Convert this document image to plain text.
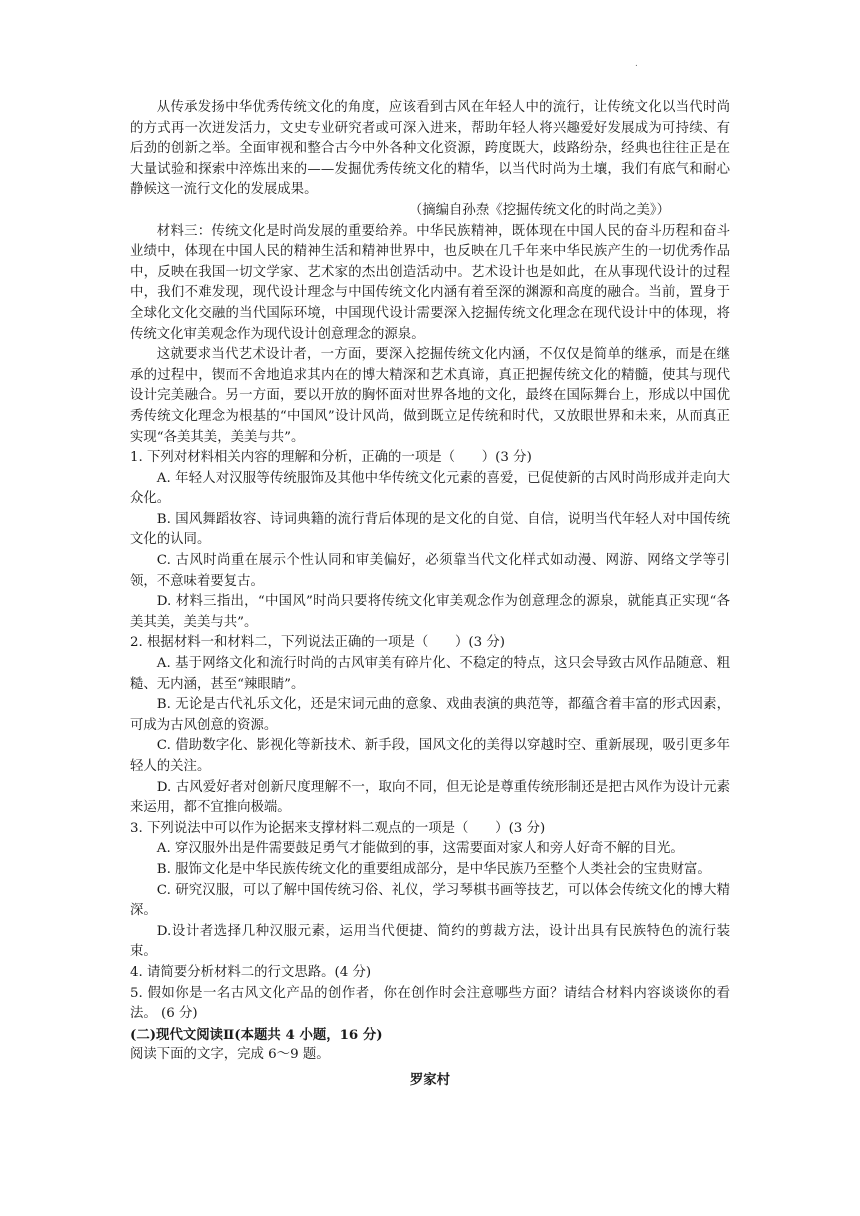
.

从传承发扬中华优秀传统文化的角度，应该看到古风在年轻人中的流行，让传统文化以当代时尚的方式再一次迸发活力，文史专业研究者或可深入进来，帮助年轻人将兴趣爱好发展成为可持续、有后劲的创新之举。全面审视和整合古今中外各种文化资源，跨度既大，歧路纷杂，经典也往往正是在大量试验和探索中淬炼出来的——发掘优秀传统文化的精华，以当代时尚为土壤，我们有底气和耐心静候这一流行文化的发展成果。

（摘编自孙焘《挖掘传统文化的时尚之美》）

材料三：传统文化是时尚发展的重要给养。中华民族精神，既体现在中国人民的奋斗历程和奋斗业绩中，体现在中国人民的精神生活和精神世界中，也反映在几千年来中华民族产生的一切优秀作品中，反映在我国一切文学家、艺术家的杰出创造活动中。艺术设计也是如此，在从事现代设计的过程中，我们不难发现，现代设计理念与中国传统文化内涵有着至深的渊源和高度的融合。当前，置身于全球化文化交融的当代国际环境，中国现代设计需要深入挖掘传统文化理念在现代设计中的体现，将传统文化审美观念作为现代设计创意理念的源泉。

这就要求当代艺术设计者，一方面，要深入挖掘传统文化内涵，不仅仅是简单的继承，而是在继承的过程中，锲而不舍地追求其内在的博大精深和艺术真谛，真正把握传统文化的精髓，使其与现代设计完美融合。另一方面，要以开放的胸怀面对世界各地的文化，最终在国际舞台上，形成以中国优秀传统文化理念为根基的“中国风”设计风尚，做到既立足传统和时代，又放眼世界和未来，从而真正实现“各美其美，美美与共”。

1. 下列对材料相关内容的理解和分析，正确的一项是（　　）(3 分)

A. 年轻人对汉服等传统服饰及其他中华传统文化元素的喜爱，已促使新的古风时尚形成并走向大众化。

B. 国风舞蹈妆容、诗词典籍的流行背后体现的是文化的自觉、自信，说明当代年轻人对中国传统文化的认同。

C. 古风时尚重在展示个性认同和审美偏好，必须靠当代文化样式如动漫、网游、网络文学等引领，不意味着要复古。

D. 材料三指出，“中国风”时尚只要将传统文化审美观念作为创意理念的源泉，就能真正实现“各美其美，美美与共”。

2. 根据材料一和材料二，下列说法正确的一项是（　　）(3 分)

A. 基于网络文化和流行时尚的古风审美有碎片化、不稳定的特点，这只会导致古风作品随意、粗糙、无内涵，甚至“辣眼睛”。

B. 无论是古代礼乐文化，还是宋词元曲的意象、戏曲表演的典范等，都蕴含着丰富的形式因素，可成为古风创意的资源。

C. 借助数字化、影视化等新技术、新手段，国风文化的美得以穿越时空、重新展现，吸引更多年轻人的关注。

D. 古风爱好者对创新尺度理解不一，取向不同，但无论是尊重传统形制还是把古风作为设计元素来运用，都不宜推向极端。

3. 下列说法中可以作为论据来支撑材料二观点的一项是（　　）(3 分)

A. 穿汉服外出是件需要鼓足勇气才能做到的事，这需要面对家人和旁人好奇不解的目光。

B. 服饰文化是中华民族传统文化的重要组成部分，是中华民族乃至整个人类社会的宝贵财富。

C. 研究汉服，可以了解中国传统习俗、礼仪，学习琴棋书画等技艺，可以体会传统文化的博大精深。

D.设计者选择几种汉服元素，运用当代便捷、简约的剪裁方法，设计出具有民族特色的流行装束。

4. 请简要分析材料二的行文思路。(4 分)

5. 假如你是一名古风文化产品的创作者，你在创作时会注意哪些方面？请结合材料内容谈谈你的看法。 (6 分)

(二)现代文阅读Ⅱ(本题共 4 小题，16 分)

阅读下面的文字，完成 6～9 题。

罗家村
